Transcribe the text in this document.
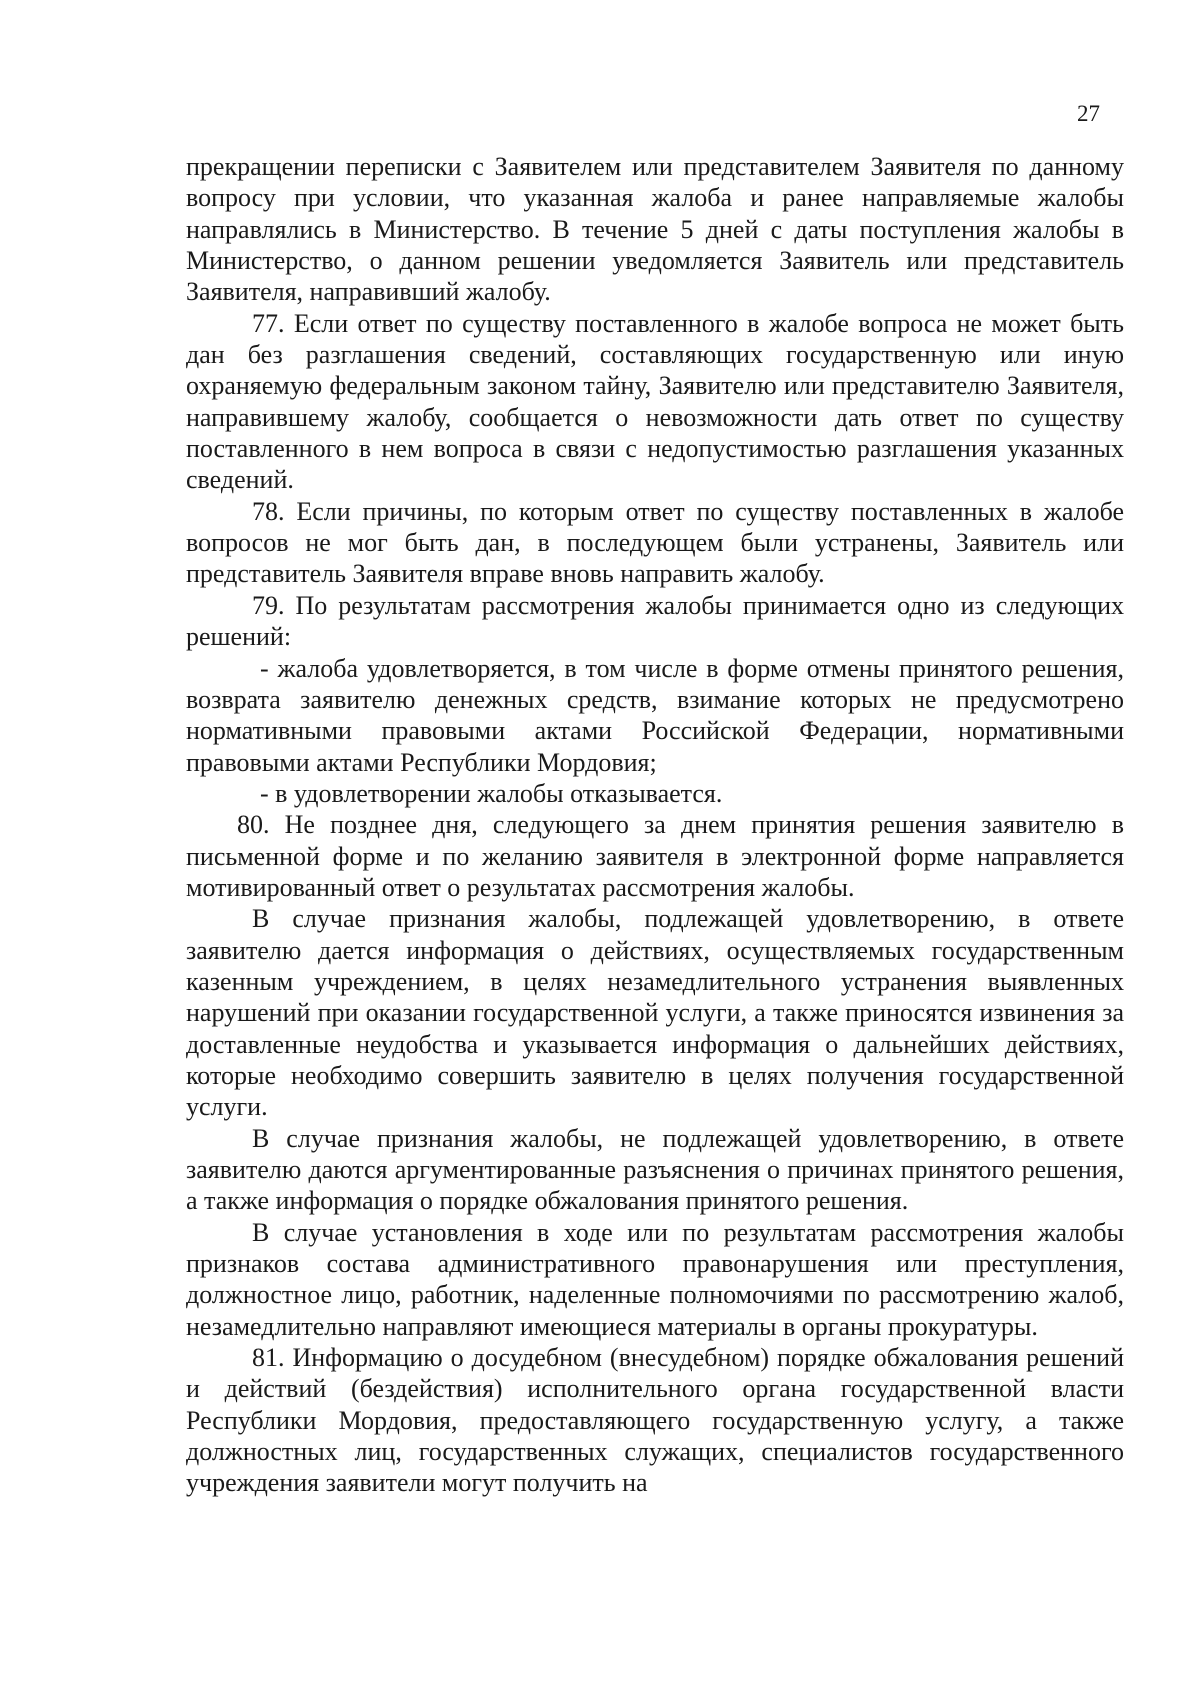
27

прекращении переписки с Заявителем или представителем Заявителя по данному вопросу при условии, что указанная жалоба и ранее направляемые жалобы направлялись в Министерство. В течение 5 дней с даты поступления жалобы в Министерство, о данном решении уведомляется Заявитель или представитель Заявителя, направивший жалобу.

77. Если ответ по существу поставленного в жалобе вопроса не может быть дан без разглашения сведений, составляющих государственную или иную охраняемую федеральным законом тайну, Заявителю или представителю Заявителя, направившему жалобу, сообщается о невозможности дать ответ по существу поставленного в нем вопроса в связи с недопустимостью разглашения указанных сведений.

78. Если причины, по которым ответ по существу поставленных в жалобе вопросов не мог быть дан, в последующем были устранены, Заявитель или представитель Заявителя вправе вновь направить жалобу.

79. По результатам рассмотрения жалобы принимается одно из следующих решений:

- жалоба удовлетворяется, в том числе в форме отмены принятого решения, возврата заявителю денежных средств, взимание которых не предусмотрено нормативными правовыми актами Российской Федерации, нормативными правовыми актами Республики Мордовия;

- в удовлетворении жалобы отказывается.

80. Не позднее дня, следующего за днем принятия решения заявителю в письменной форме и по желанию заявителя в электронной форме направляется мотивированный ответ о результатах рассмотрения жалобы.

В случае признания жалобы, подлежащей удовлетворению, в ответе заявителю дается информация о действиях, осуществляемых государственным казенным учреждением, в целях незамедлительного устранения выявленных нарушений при оказании государственной услуги, а также приносятся извинения за доставленные неудобства и указывается информация о дальнейших действиях, которые необходимо совершить заявителю в целях получения государственной услуги.

В случае признания жалобы, не подлежащей удовлетворению, в ответе заявителю даются аргументированные разъяснения о причинах принятого решения, а также информация о порядке обжалования принятого решения.

В случае установления в ходе или по результатам рассмотрения жалобы признаков состава административного правонарушения или преступления, должностное лицо, работник, наделенные полномочиями по рассмотрению жалоб, незамедлительно направляют имеющиеся материалы в органы прокуратуры.

81. Информацию о досудебном (внесудебном) порядке обжалования решений и действий (бездействия) исполнительного органа государственной власти Республики Мордовия, предоставляющего государственную услугу, а также должностных лиц, государственных служащих, специалистов государственного учреждения заявители могут получить на
